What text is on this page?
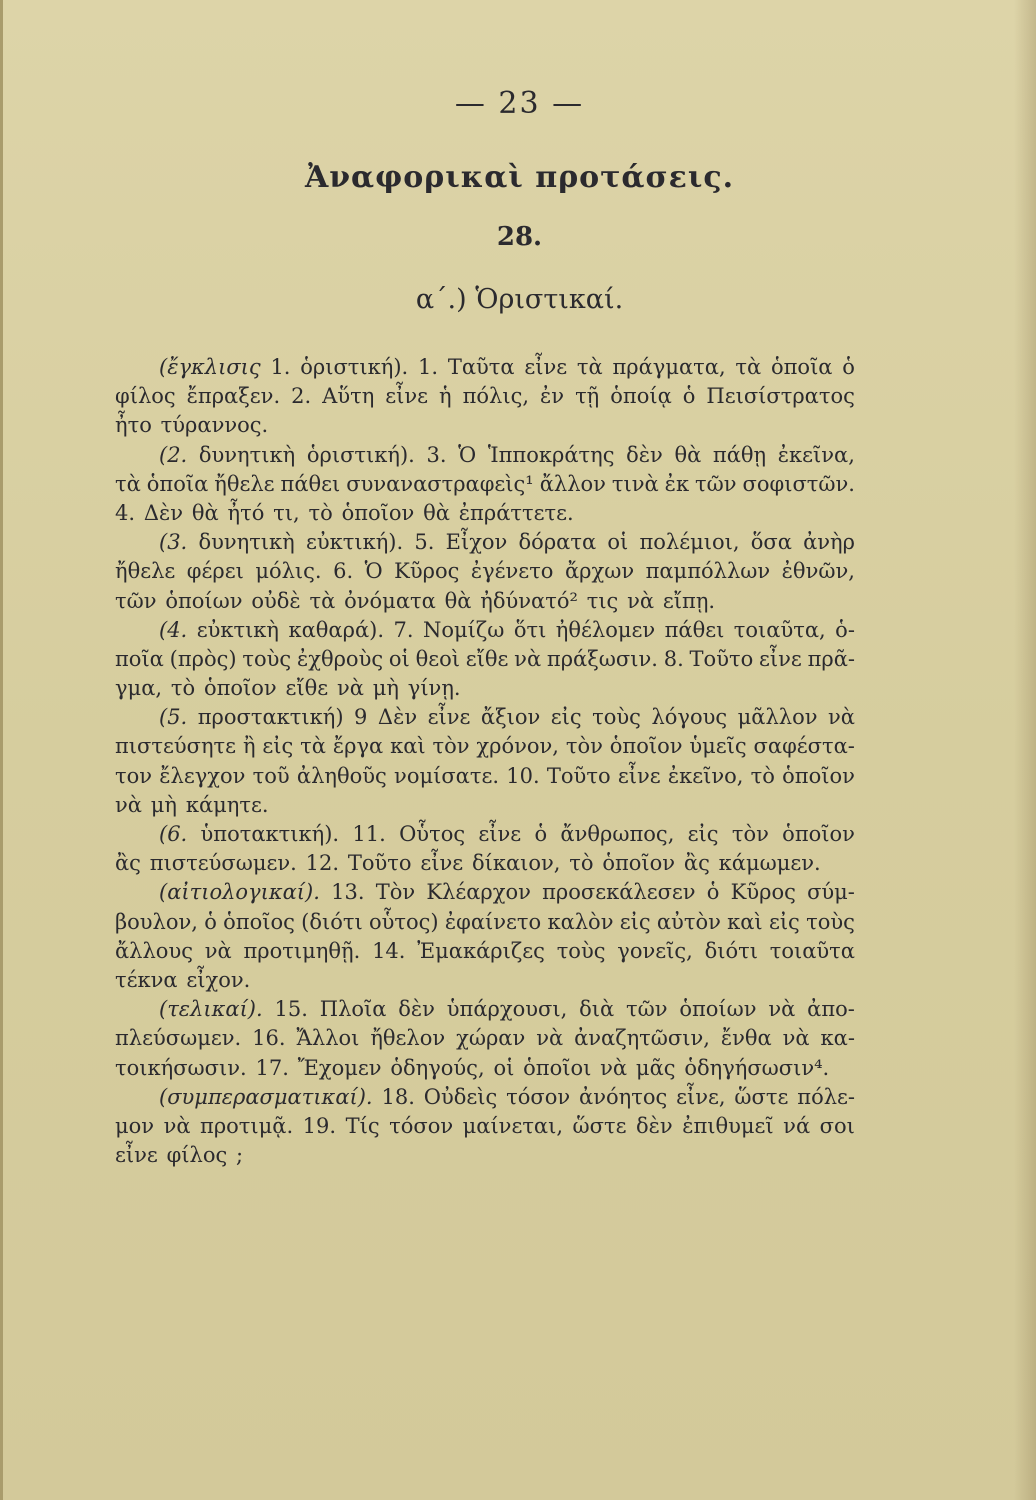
— 23 —
Ἀναφορικαὶ προτάσεις.
28.
α΄.) Ὁριστικαί.
(ἔγκλισις 1. ὁριστική). 1. Ταῦτα εἶνε τὰ πράγματα, τὰ ὁποῖα ὁ
φίλος ἔπραξεν. 2. Αὕτη εἶνε ἡ πόλις, ἐν τῇ ὁποίᾳ ὁ Πεισίστρατος
ἦτο τύραννος.
(2. δυνητικὴ ὁριστική). 3. Ὁ Ἱπποκράτης δὲν θὰ πάθῃ ἐκεῖνα,
τὰ ὁποῖα ἤθελε πάθει συναναστραφεὶς¹ ἄλλον τινὰ ἐκ τῶν σοφιστῶν.
4. Δὲν θὰ ἦτό τι, τὸ ὁποῖον θὰ ἐπράττετε.
(3. δυνητικὴ εὐκτική). 5. Εἶχον δόρατα οἱ πολέμιοι, ὅσα ἀνὴρ
ἤθελε φέρει μόλις. 6. Ὁ Κῦρος ἐγένετο ἄρχων παμπόλλων ἐθνῶν,
τῶν ὁποίων οὐδὲ τὰ ὀνόματα θὰ ἠδύνατό² τις νὰ εἴπῃ.
(4. εὐκτικὴ καθαρά). 7. Νομίζω ὅτι ἠθέλομεν πάθει τοιαῦτα, ὁ-
ποῖα (πρὸς) τοὺς ἐχθροὺς οἱ θεοὶ εἴθε νὰ πράξωσιν. 8. Τοῦτο εἶνε πρᾶ-
γμα, τὸ ὁποῖον εἴθε νὰ μὴ γίνῃ.
(5. προστακτική) 9 Δὲν εἶνε ἄξιον εἰς τοὺς λόγους μᾶλλον νὰ
πιστεύσητε ἢ εἰς τὰ ἔργα καὶ τὸν χρόνον, τὸν ὁποῖον ὑμεῖς σαφέστα-
τον ἔλεγχον τοῦ ἀληθοῦς νομίσατε. 10. Τοῦτο εἶνε ἐκεῖνο, τὸ ὁποῖον
νὰ μὴ κάμητε.
(6. ὑποτακτική). 11. Οὗτος εἶνε ὁ ἄνθρωπος, εἰς τὸν ὁποῖον
ἂς πιστεύσωμεν. 12. Τοῦτο εἶνε δίκαιον, τὸ ὁποῖον ἂς κάμωμεν.
(αἰτιολογικαί). 13. Τὸν Κλέαρχον προσεκάλεσεν ὁ Κῦρος σύμ-
βουλον, ὁ ὁποῖος (διότι οὗτος) ἐφαίνετο καλὸν εἰς αὐτὸν καὶ εἰς τοὺς
ἄλλους νὰ προτιμηθῇ. 14. Ἐμακάριζες τοὺς γονεῖς, διότι τοιαῦτα
τέκνα εἶχον.
(τελικαί). 15. Πλοῖα δὲν ὑπάρχουσι, διὰ τῶν ὁποίων νὰ ἀπο-
πλεύσωμεν. 16. Ἄλλοι ἤθελον χώραν νὰ ἀναζητῶσιν, ἔνθα νὰ κα-
τοικήσωσιν. 17. Ἔχομεν ὁδηγούς, οἱ ὁποῖοι νὰ μᾶς ὁδηγήσωσιν⁴.
(συμπερασματικαί). 18. Οὐδεὶς τόσον ἀνόητος εἶνε, ὥστε πόλε-
μον νὰ προτιμᾷ. 19. Τίς τόσον μαίνεται, ὥστε δὲν ἐπιθυμεῖ νά σοι
εἶνε φίλος ;
